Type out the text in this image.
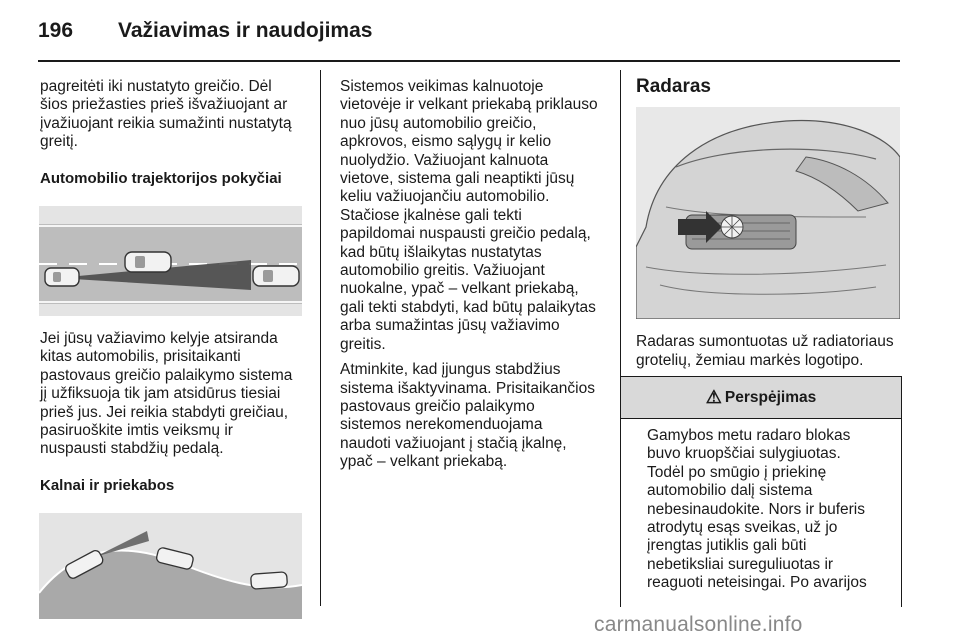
196 Važiavimas ir naudojimas

pagreitėti iki nustatyto greičio. Dėl
šios priežasties prieš išvažiuojant ar
įvažiuojant reikia sumažinti nustatytą
greitį.

Automobilio trajektorijos pokyčiai

Jei jūsų važiavimo kelyje atsiranda
kitas automobilis, prisitaikanti
pastovaus greičio palaikymo sistema
jį užfiksuoja tik jam atsidūrus tiesiai
prieš jus. Jei reikia stabdyti greičiau,
pasiruoškite imtis veiksmų ir
nuspausti stabdžių pedalą.

Kalnai ir priekabos

Sistemos veikimas kalnuotoje
vietovėje ir velkant priekabą priklauso
nuo jūsų automobilio greičio,
apkrovos, eismo sąlygų ir kelio
nuolydžio. Važiuojant kalnuota
vietove, sistema gali neaptikti jūsų
keliu važiuojančiu automobilio.
Stačiose įkalnėse gali tekti
papildomai nuspausti greičio pedalą,
kad būtų išlaikytas nustatytas
automobilio greitis. Važiuojant
nuokalne, ypač – velkant priekabą,
gali tekti stabdyti, kad būtų palaikytas
arba sumažintas jūsų važiavimo
greitis.

Atminkite, kad įjungus stabdžius
sistema išaktyvinama. Prisitaikančios
pastovaus greičio palaikymo
sistemos nerekomenduojama
naudoti važiuojant į stačią įkalnę,
ypač – velkant priekabą.

Radaras

Radaras sumontuotas už radiatoriaus
grotelių, žemiau markės logotipo.

⚠ Perspėjimas
Gamybos metu radaro blokas
buvo kruopščiai sulygiuotas.
Todėl po smūgio į priekinę
automobilio dalį sistema
nebesinaudokite. Nors ir buferis
atrodytų esąs sveikas, už jo
įrengtas jutiklis gali būti
nebetiksliai sureguliuotas ir
reaguoti neteisingai. Po avarijos
carmanualsonline.info
